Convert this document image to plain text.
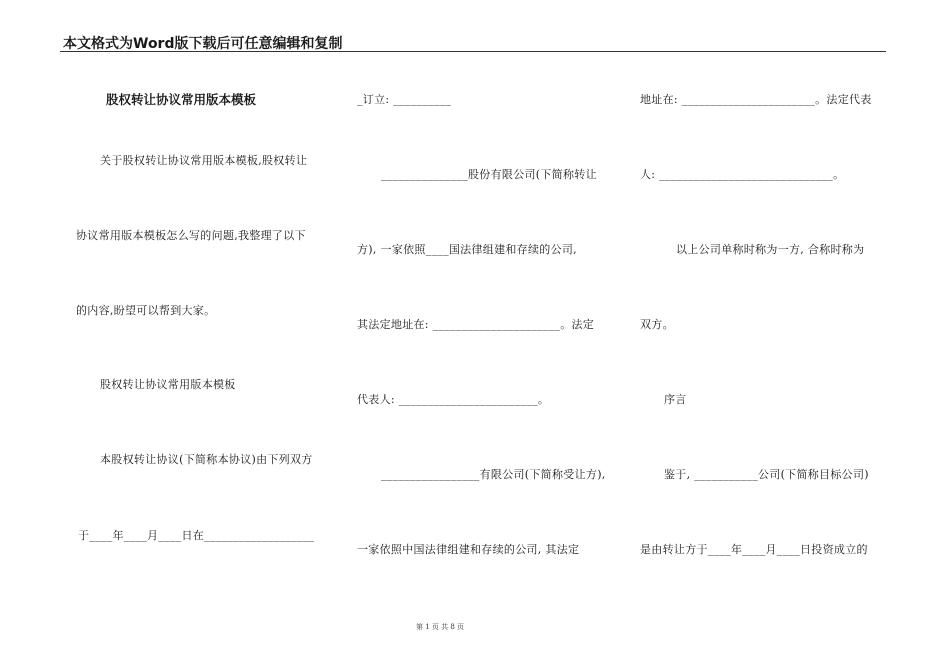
本文格式为Word版下载后可任意编辑和复制
股权转让协议常用版本模板
关于股权转让协议常用版本模板,股权转让
协议常用版本模板怎么写的问题,我整理了以下
的内容,盼望可以帮到大家。
股权转让协议常用版本模板
本股权转让协议(下简称本协议)由下列双方
于____年____月____日在___________________
_订立: __________
_______________股份有限公司(下简称转让
方), 一家依照____国法律组建和存续的公司,
其法定地址在: ______________________。法定
代表人: ________________________。
_________________有限公司(下简称受让方),
一家依照中国法律组建和存续的公司, 其法定
地址在: _______________________。法定代表
人: ______________________________。
以上公司单称时称为一方, 合称时称为
双方。
序言
鉴于, ___________公司(下简称目标公司)
是由转让方于____年____月____日投资成立的
第 1 页 共 8 页
